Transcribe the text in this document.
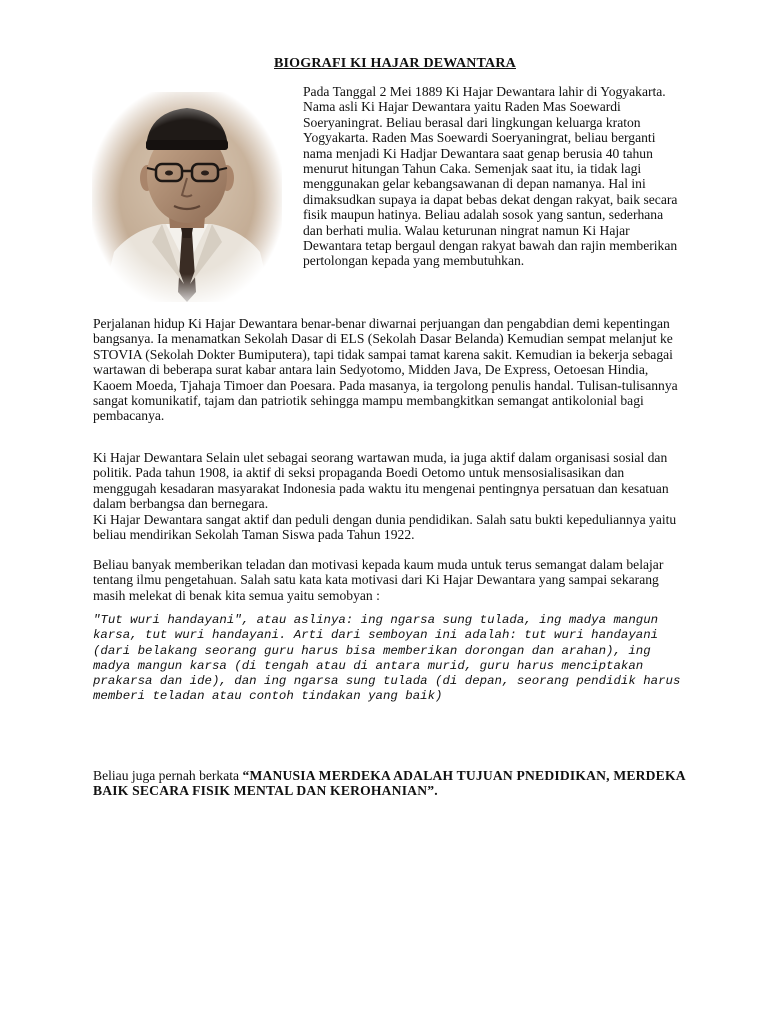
BIOGRAFI KI HAJAR DEWANTARA

Pada Tanggal 2 Mei 1889 Ki Hajar Dewantara lahir di Yogyakarta. Nama asli Ki Hajar Dewantara yaitu Raden Mas Soewardi Soeryaningrat. Beliau berasal dari lingkungan keluarga kraton Yogyakarta. Raden Mas Soewardi Soeryaningrat, beliau berganti nama menjadi Ki Hadjar Dewantara saat genap berusia 40 tahun menurut hitungan Tahun Caka. Semenjak saat itu, ia tidak lagi menggunakan gelar kebangsawanan di depan namanya. Hal ini dimaksudkan supaya ia dapat bebas dekat dengan rakyat, baik secara fisik maupun hatinya. Beliau adalah sosok yang santun, sederhana dan berhati mulia. Walau keturunan ningrat namun Ki Hajar Dewantara tetap bergaul dengan rakyat bawah dan rajin memberikan pertolongan kepada yang membutuhkan.

Perjalanan hidup Ki Hajar Dewantara benar-benar diwarnai perjuangan dan pengabdian demi kepentingan bangsanya. Ia menamatkan Sekolah Dasar di ELS (Sekolah Dasar Belanda) Kemudian sempat melanjut ke STOVIA (Sekolah Dokter Bumiputera), tapi tidak sampai tamat karena sakit. Kemudian ia bekerja sebagai wartawan di beberapa surat kabar antara lain Sedyotomo, Midden Java, De Express, Oetoesan Hindia, Kaoem Moeda, Tjahaja Timoer dan Poesara. Pada masanya, ia tergolong penulis handal. Tulisan-tulisannya sangat komunikatif, tajam dan patriotik sehingga mampu membangkitkan semangat antikolonial bagi pembacanya.

Ki Hajar Dewantara Selain ulet sebagai seorang wartawan muda, ia juga aktif dalam organisasi sosial dan politik. Pada tahun 1908, ia aktif di seksi propaganda Boedi Oetomo untuk mensosialisasikan dan menggugah kesadaran masyarakat Indonesia pada waktu itu mengenai pentingnya persatuan dan kesatuan dalam berbangsa dan bernegara.
Ki Hajar Dewantara sangat aktif dan peduli dengan dunia pendidikan. Salah satu bukti kepeduliannya yaitu beliau mendirikan Sekolah Taman Siswa pada Tahun 1922.

Beliau banyak memberikan teladan dan motivasi kepada kaum muda untuk terus semangat dalam belajar tentang ilmu pengetahuan. Salah satu kata kata motivasi dari Ki Hajar Dewantara yang sampai sekarang masih melekat di benak kita semua yaitu semobyan :

"Tut wuri handayani", atau aslinya: ing ngarsa sung tulada, ing madya mangun karsa, tut wuri handayani. Arti dari semboyan ini adalah: tut wuri handayani (dari belakang seorang guru harus bisa memberikan dorongan dan arahan), ing madya mangun karsa (di tengah atau di antara murid, guru harus menciptakan prakarsa dan ide), dan ing ngarsa sung tulada (di depan, seorang pendidik harus memberi teladan atau contoh tindakan yang baik)

Beliau juga pernah berkata “MANUSIA MERDEKA ADALAH TUJUAN PNEDIDIKAN, MERDEKA BAIK SECARA FISIK MENTAL DAN KEROHANIAN”.
